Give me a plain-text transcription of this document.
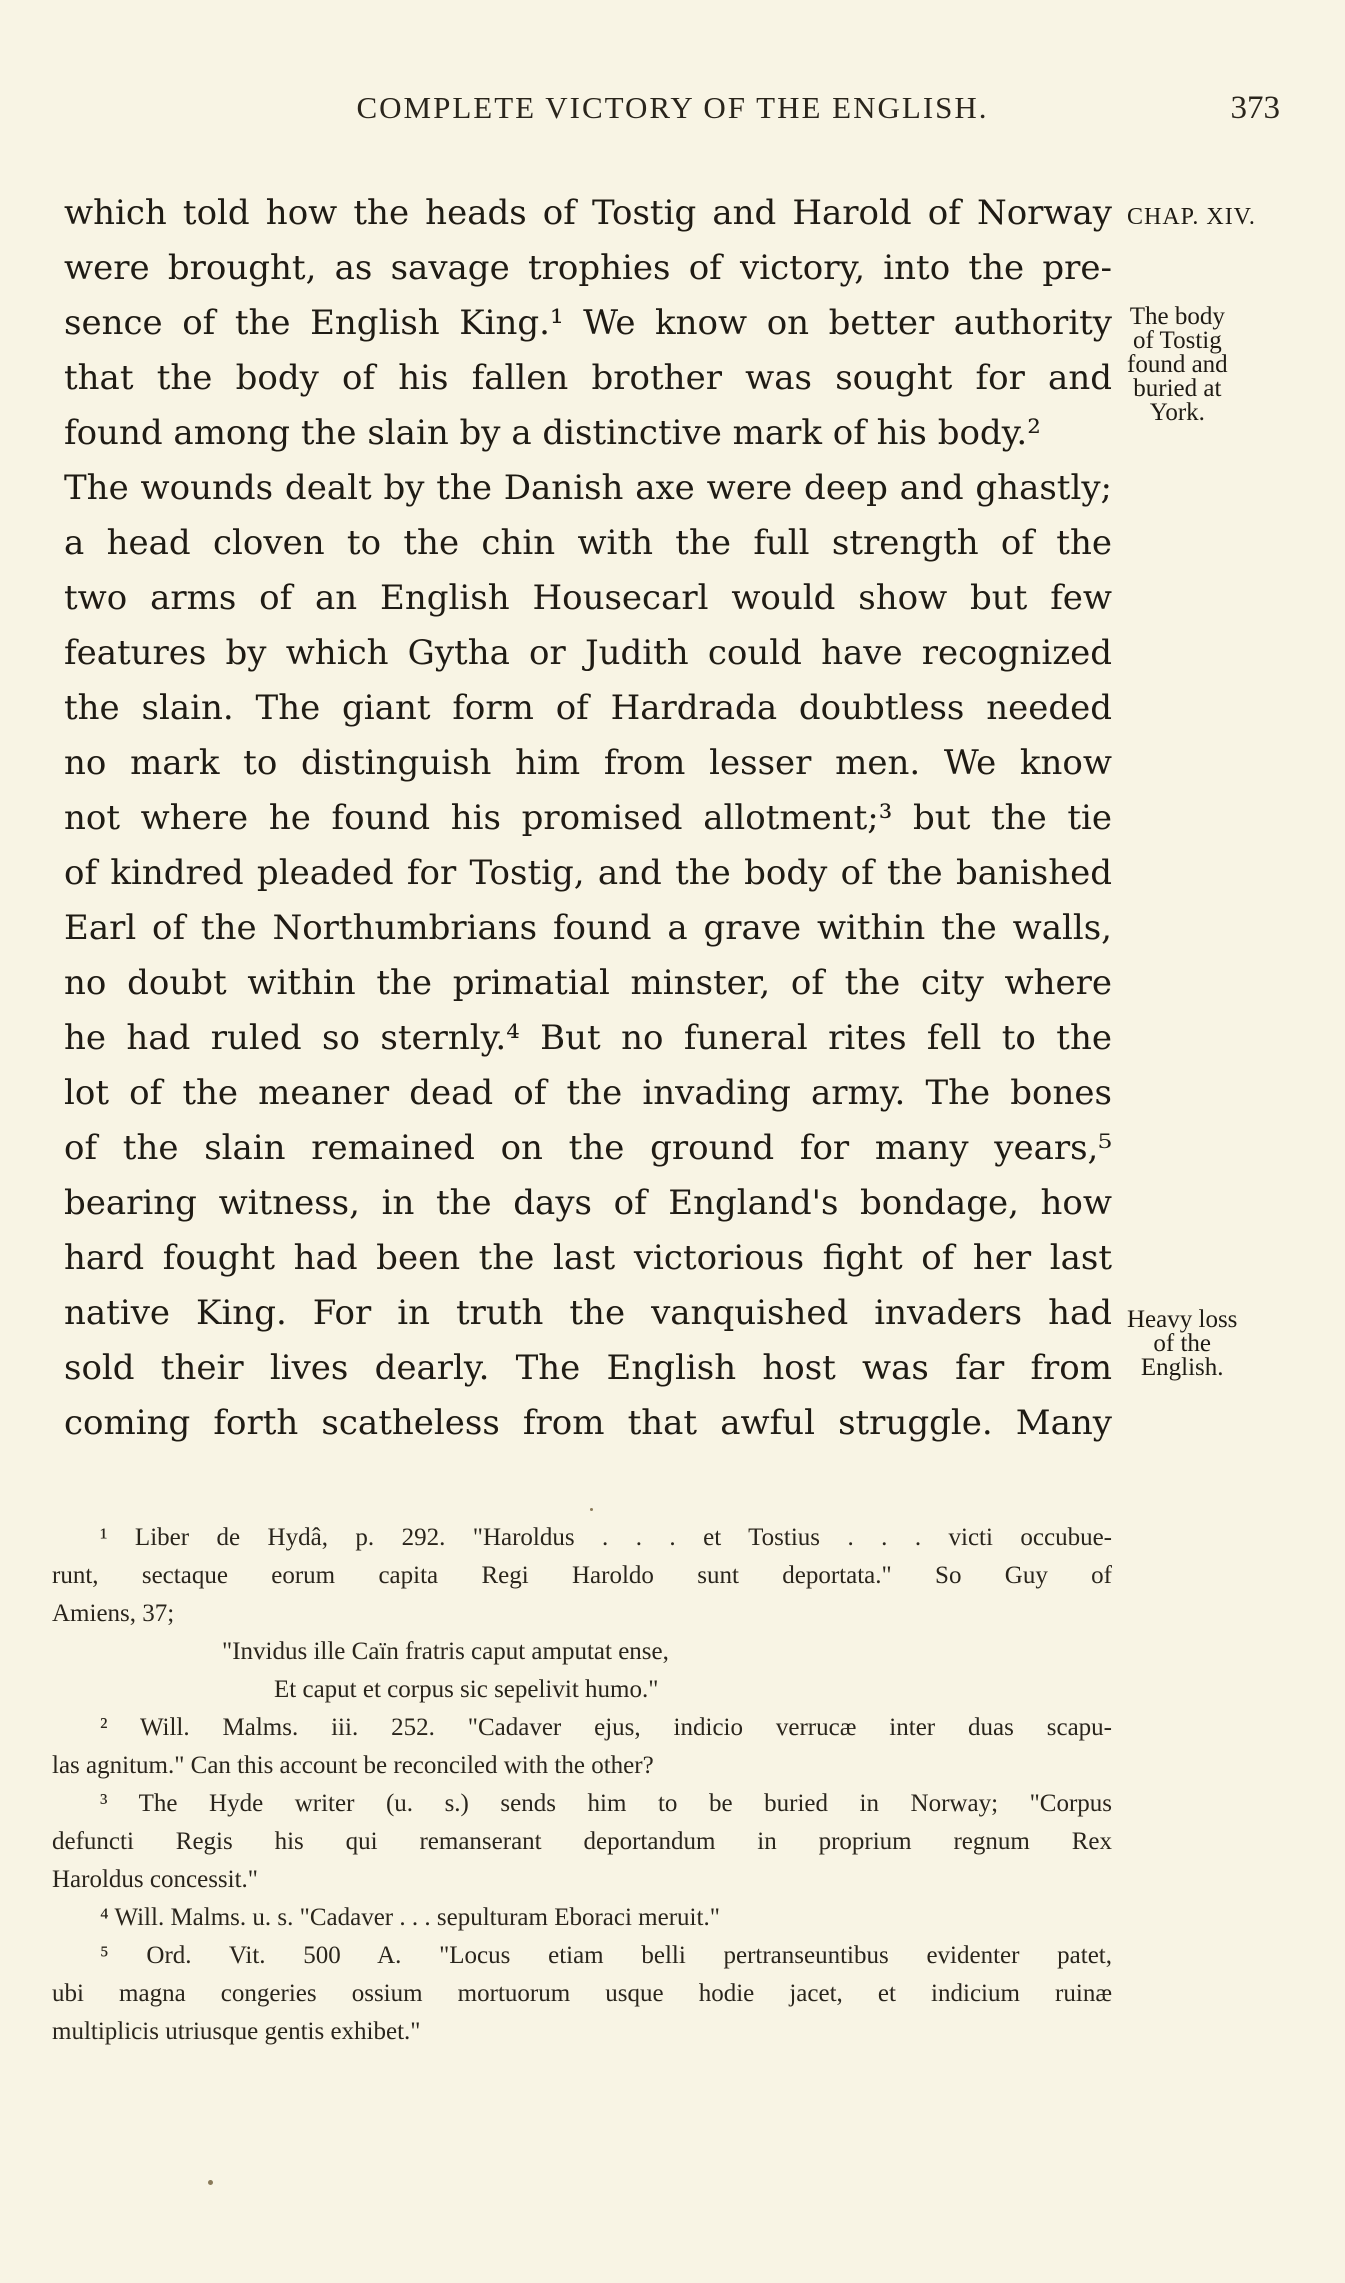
COMPLETE VICTORY OF THE ENGLISH.	373
CHAP. XIV.
The body
of Tostig
found and
buried at
York.
Heavy loss
of the
English.
which told how the heads of Tostig and Harold of Norway
were brought, as savage trophies of victory, into the pre-
sence of the English King.¹ We know on better authority
that the body of his fallen brother was sought for and
found among the slain by a distinctive mark of his body.²
The wounds dealt by the Danish axe were deep and ghastly;
a head cloven to the chin with the full strength of the
two arms of an English Housecarl would show but few
features by which Gytha or Judith could have recognized
the slain. The giant form of Hardrada doubtless needed
no mark to distinguish him from lesser men. We know
not where he found his promised allotment;³ but the tie
of kindred pleaded for Tostig, and the body of the banished
Earl of the Northumbrians found a grave within the walls,
no doubt within the primatial minster, of the city where
he had ruled so sternly.⁴ But no funeral rites fell to the
lot of the meaner dead of the invading army. The bones
of the slain remained on the ground for many years,⁵
bearing witness, in the days of England's bondage, how
hard fought had been the last victorious fight of her last
native King. For in truth the vanquished invaders had
sold their lives dearly. The English host was far from
coming forth scatheless from that awful struggle. Many
¹ Liber de Hydâ, p. 292. "Haroldus . . . et Tostius . . . victi occubue-
runt, sectaque eorum capita Regi Haroldo sunt deportata." So Guy of
Amiens, 37;
"Invidus ille Caïn fratris caput amputat ense,
Et caput et corpus sic sepelivit humo."
² Will. Malms. iii. 252. "Cadaver ejus, indicio verrucæ inter duas scapu-
las agnitum." Can this account be reconciled with the other?
³ The Hyde writer (u. s.) sends him to be buried in Norway; "Corpus
defuncti Regis his qui remanserant deportandum in proprium regnum Rex
Haroldus concessit."
⁴ Will. Malms. u. s. "Cadaver . . . sepulturam Eboraci meruit."
⁵ Ord. Vit. 500 A. "Locus etiam belli pertranseuntibus evidenter patet,
ubi magna congeries ossium mortuorum usque hodie jacet, et indicium ruinæ
multiplicis utriusque gentis exhibet."
